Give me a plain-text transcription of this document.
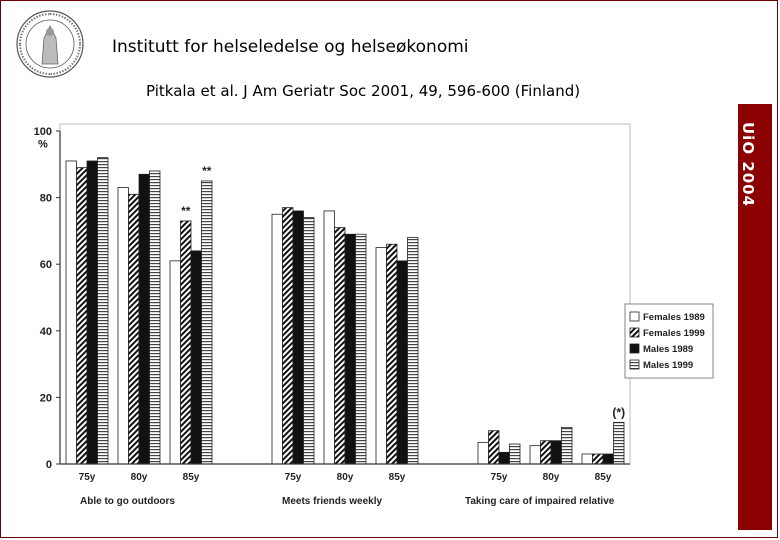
Institutt for helseledelse og helseøkonomi
Pitkala et al. J Am Geriatr Soc 2001, 49, 596-600 (Finland)
UiO 2004
**
**
(*)
0
20
40
60
80
100
%
75y	80y	85y	75y	80y	85y	75y	80y	85y
Able to go outdoors	Meets friends weekly	Taking care of impaired relative
Females 1989
Females 1999
Males 1989
Males 1999
